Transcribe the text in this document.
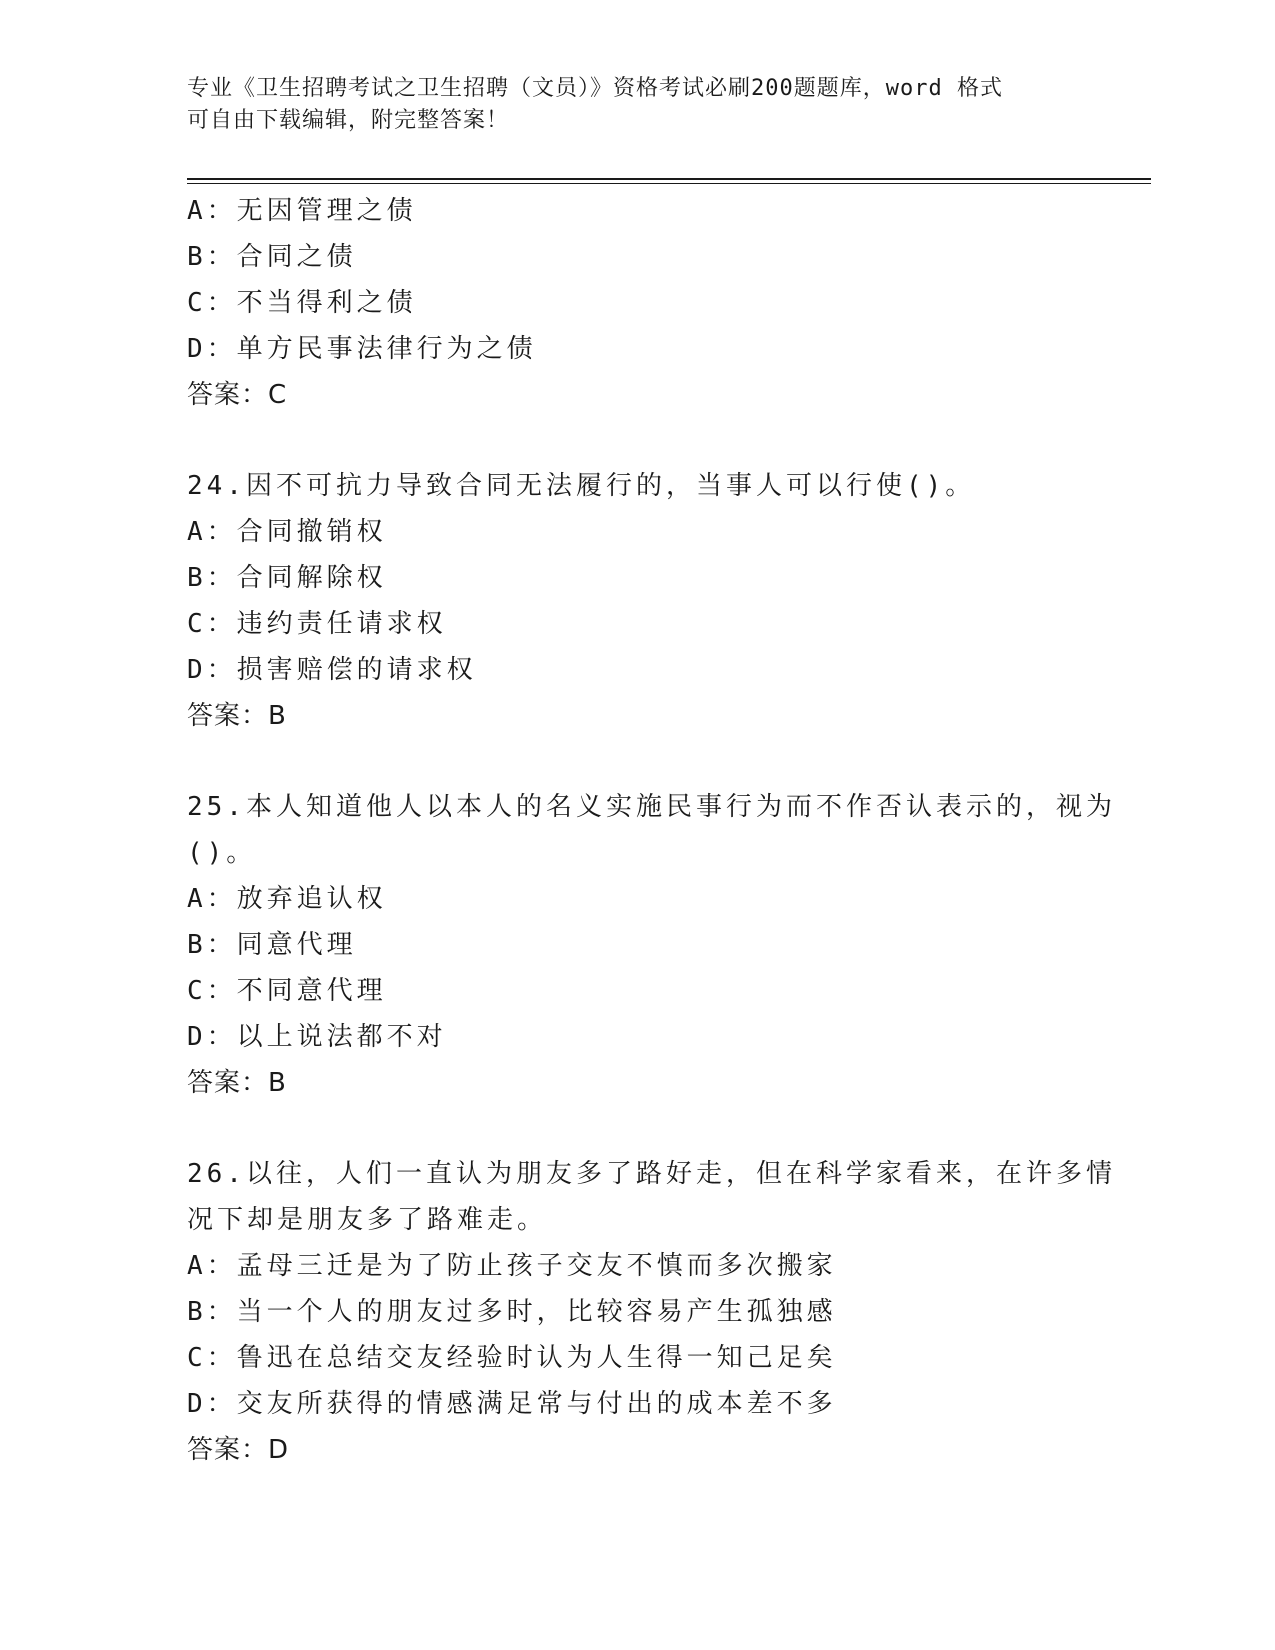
专业《卫生招聘考试之卫生招聘（文员）》资格考试必刷200题题库，word 格式
可自由下载编辑，附完整答案！
A：无因管理之债
B：合同之债
C：不当得利之债
D：单方民事法律行为之债
答案：C
24.因不可抗力导致合同无法履行的，当事人可以行使()。
A：合同撤销权
B：合同解除权
C：违约责任请求权
D：损害赔偿的请求权
答案：B
25.本人知道他人以本人的名义实施民事行为而不作否认表示的，视为
()。
A：放弃追认权
B：同意代理
C：不同意代理
D：以上说法都不对
答案：B
26.以往，人们一直认为朋友多了路好走，但在科学家看来，在许多情
况下却是朋友多了路难走。
A：孟母三迁是为了防止孩子交友不慎而多次搬家
B：当一个人的朋友过多时，比较容易产生孤独感
C：鲁迅在总结交友经验时认为人生得一知己足矣
D：交友所获得的情感满足常与付出的成本差不多
答案：D
